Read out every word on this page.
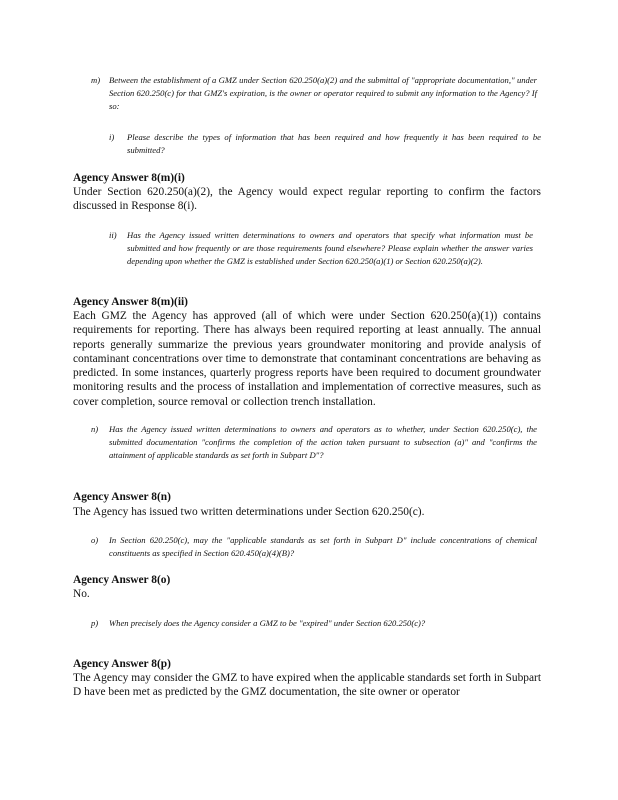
m) Between the establishment of a GMZ under Section 620.250(a)(2) and the submittal of "appropriate documentation," under Section 620.250(c) for that GMZ's expiration, is the owner or operator required to submit any information to the Agency? If so:
i) Please describe the types of information that has been required and how frequently it has been required to be submitted?
Agency Answer 8(m)(i)
Under Section 620.250(a)(2), the Agency would expect regular reporting to confirm the factors discussed in Response 8(i).
ii) Has the Agency issued written determinations to owners and operators that specify what information must be submitted and how frequently or are those requirements found elsewhere? Please explain whether the answer varies depending upon whether the GMZ is established under Section 620.250(a)(1) or Section 620.250(a)(2).
Agency Answer 8(m)(ii)
Each GMZ the Agency has approved (all of which were under Section 620.250(a)(1)) contains requirements for reporting. There has always been required reporting at least annually. The annual reports generally summarize the previous years groundwater monitoring and provide analysis of contaminant concentrations over time to demonstrate that contaminant concentrations are behaving as predicted. In some instances, quarterly progress reports have been required to document groundwater monitoring results and the process of installation and implementation of corrective measures, such as cover completion, source removal or collection trench installation.
n) Has the Agency issued written determinations to owners and operators as to whether, under Section 620.250(c), the submitted documentation "confirms the completion of the action taken pursuant to subsection (a)" and "confirms the attainment of applicable standards as set forth in Subpart D"?
Agency Answer 8(n)
The Agency has issued two written determinations under Section 620.250(c).
o) In Section 620.250(c), may the "applicable standards as set forth in Subpart D" include concentrations of chemical constituents as specified in Section 620.450(a)(4)(B)?
Agency Answer 8(o)
No.
p) When precisely does the Agency consider a GMZ to be "expired" under Section 620.250(c)?
Agency Answer 8(p)
The Agency may consider the GMZ to have expired when the applicable standards set forth in Subpart D have been met as predicted by the GMZ documentation, the site owner or operator
